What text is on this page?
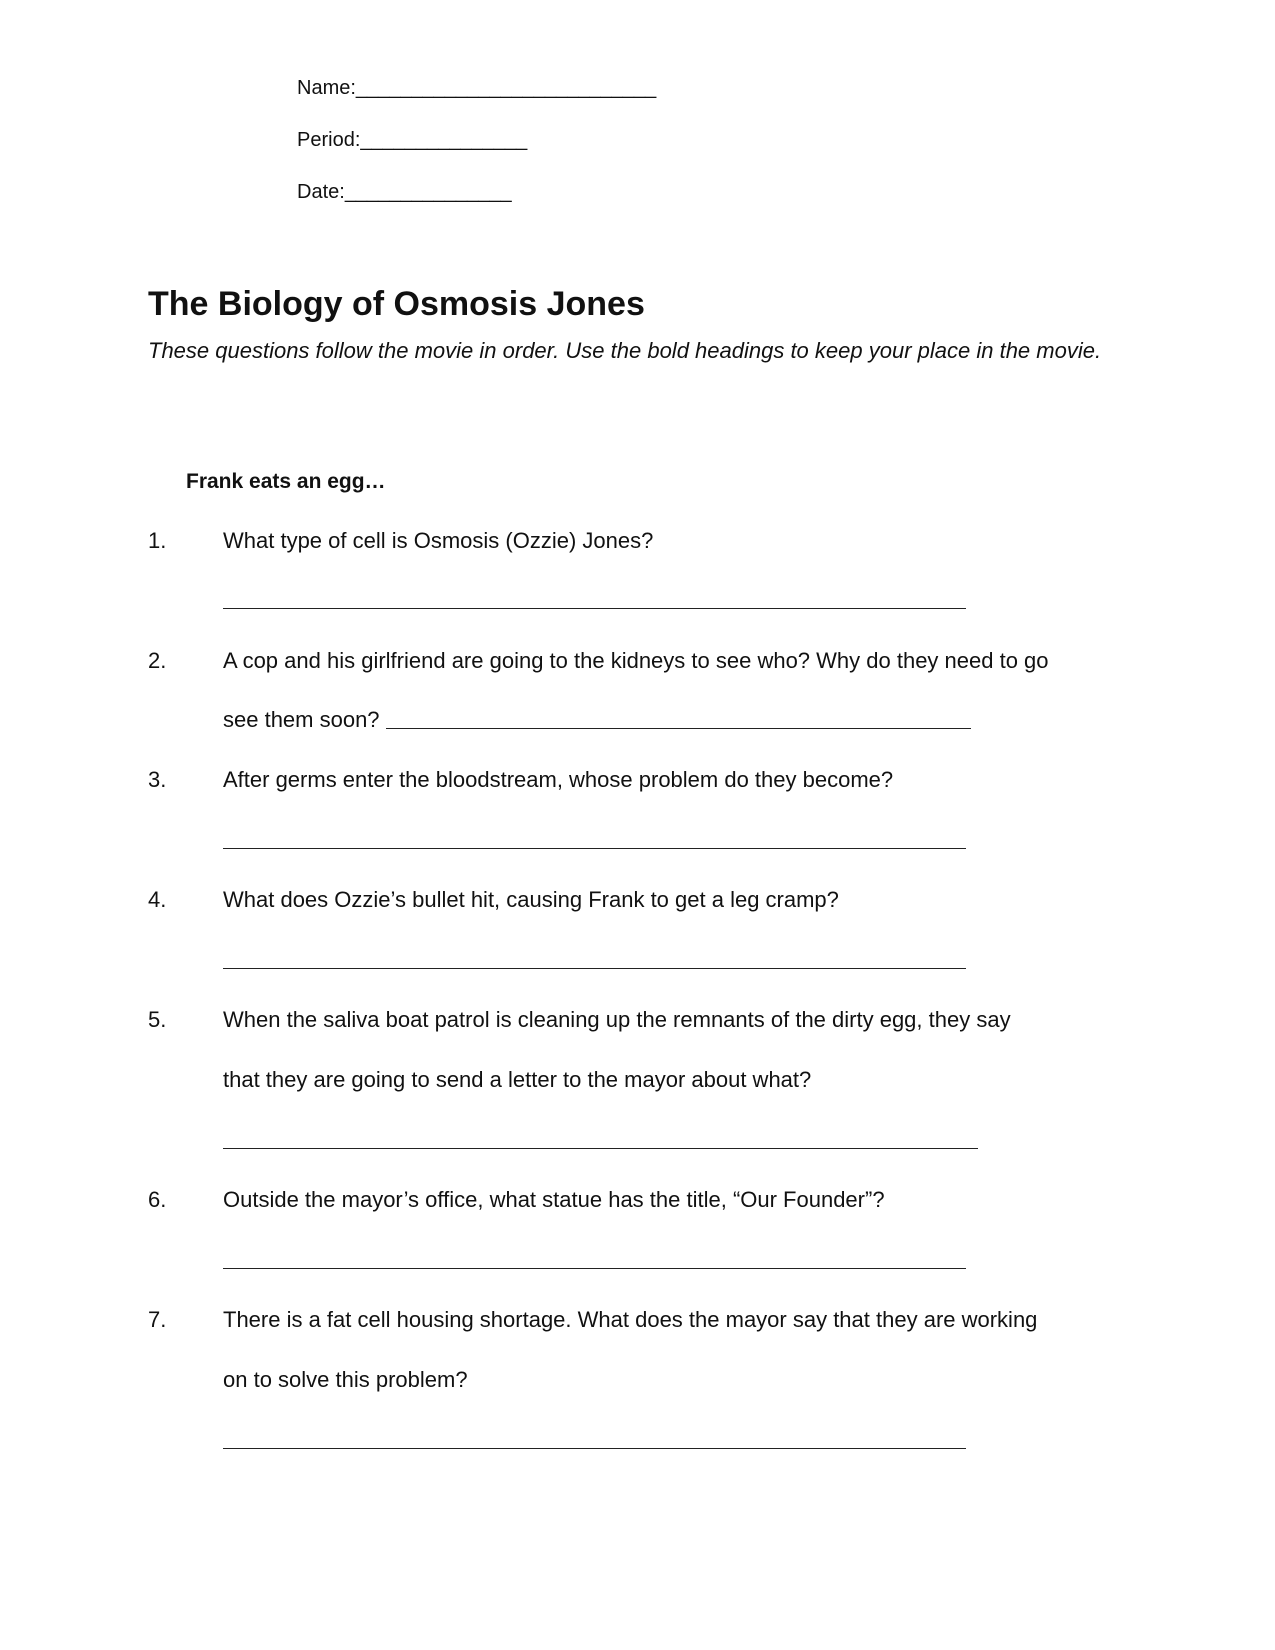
Name:___________________________
Period:_______________
Date:_______________
The Biology of Osmosis Jones

These questions follow the movie in order. Use the bold headings to keep your place in the movie.

Frank eats an egg…
1.	What type of cell is Osmosis (Ozzie) Jones?
2.	A cop and his girlfriend are going to the kidneys to see who? Why do they need to go
see them soon?
3.	After germs enter the bloodstream, whose problem do they become?
4.	What does Ozzie’s bullet hit, causing Frank to get a leg cramp?
5.	When the saliva boat patrol is cleaning up the remnants of the dirty egg, they say
that they are going to send a letter to the mayor about what?
6.	Outside the mayor’s office, what statue has the title, “Our Founder”?
7.	There is a fat cell housing shortage. What does the mayor say that they are working
on to solve this problem?
